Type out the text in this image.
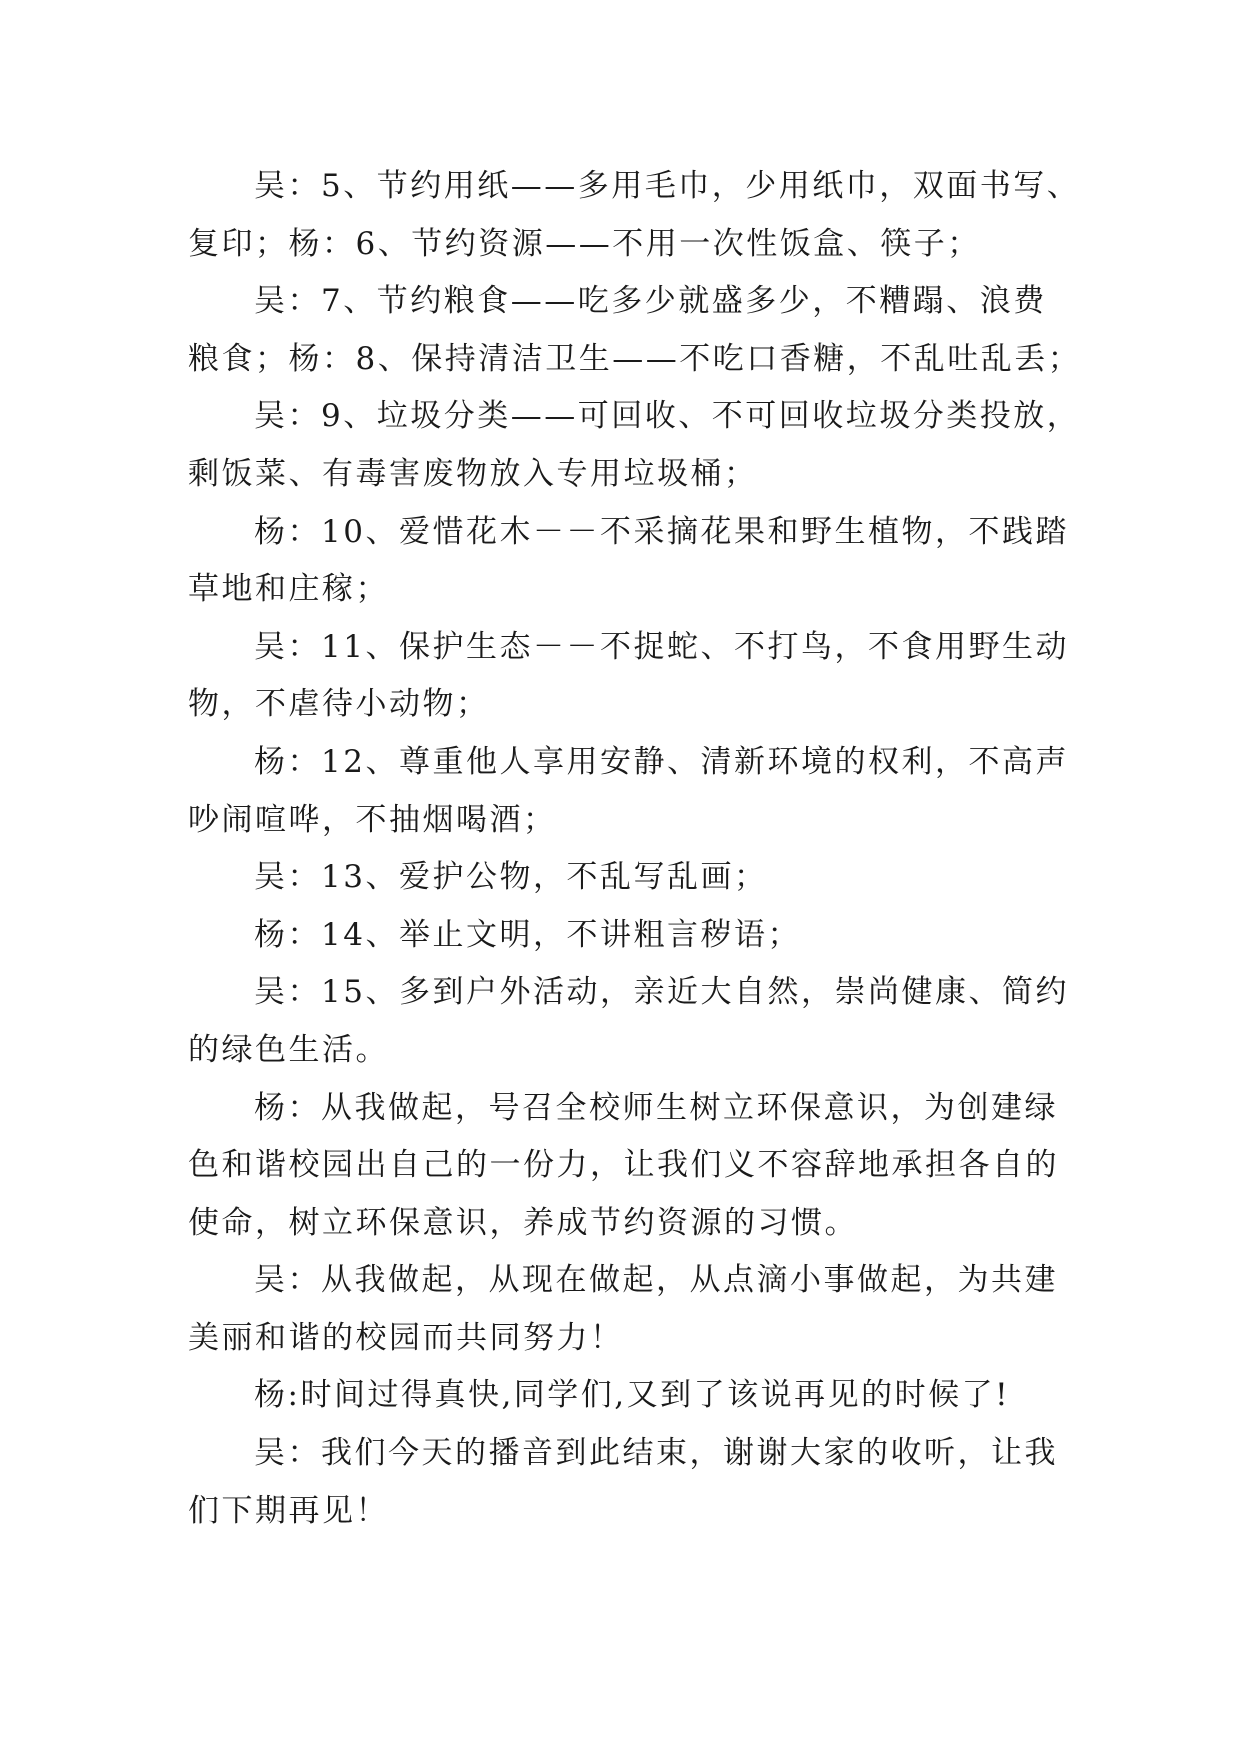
吴：5、节约用纸——多用毛巾，少用纸巾，双面书写、
复印；杨：6、节约资源——不用一次性饭盒、筷子；
吴：7、节约粮食——吃多少就盛多少，不糟蹋、浪费
粮食；杨：8、保持清洁卫生——不吃口香糖，不乱吐乱丢；
吴：9、垃圾分类——可回收、不可回收垃圾分类投放，
剩饭菜、有毒害废物放入专用垃圾桶；
杨：10、爱惜花木－－不采摘花果和野生植物，不践踏
草地和庄稼；
吴：11、保护生态－－不捉蛇、不打鸟，不食用野生动
物，不虐待小动物；
杨：12、尊重他人享用安静、清新环境的权利，不高声
吵闹喧哗，不抽烟喝酒；
吴：13、爱护公物，不乱写乱画；
杨：14、举止文明，不讲粗言秽语；
吴：15、多到户外活动，亲近大自然，崇尚健康、简约
的绿色生活。
杨：从我做起，号召全校师生树立环保意识，为创建绿
色和谐校园出自己的一份力，让我们义不容辞地承担各自的
使命，树立环保意识，养成节约资源的习惯。
吴：从我做起，从现在做起，从点滴小事做起，为共建
美丽和谐的校园而共同努力！
杨:时间过得真快,同学们,又到了该说再见的时候了!
吴：我们今天的播音到此结束，谢谢大家的收听，让我
们下期再见！
